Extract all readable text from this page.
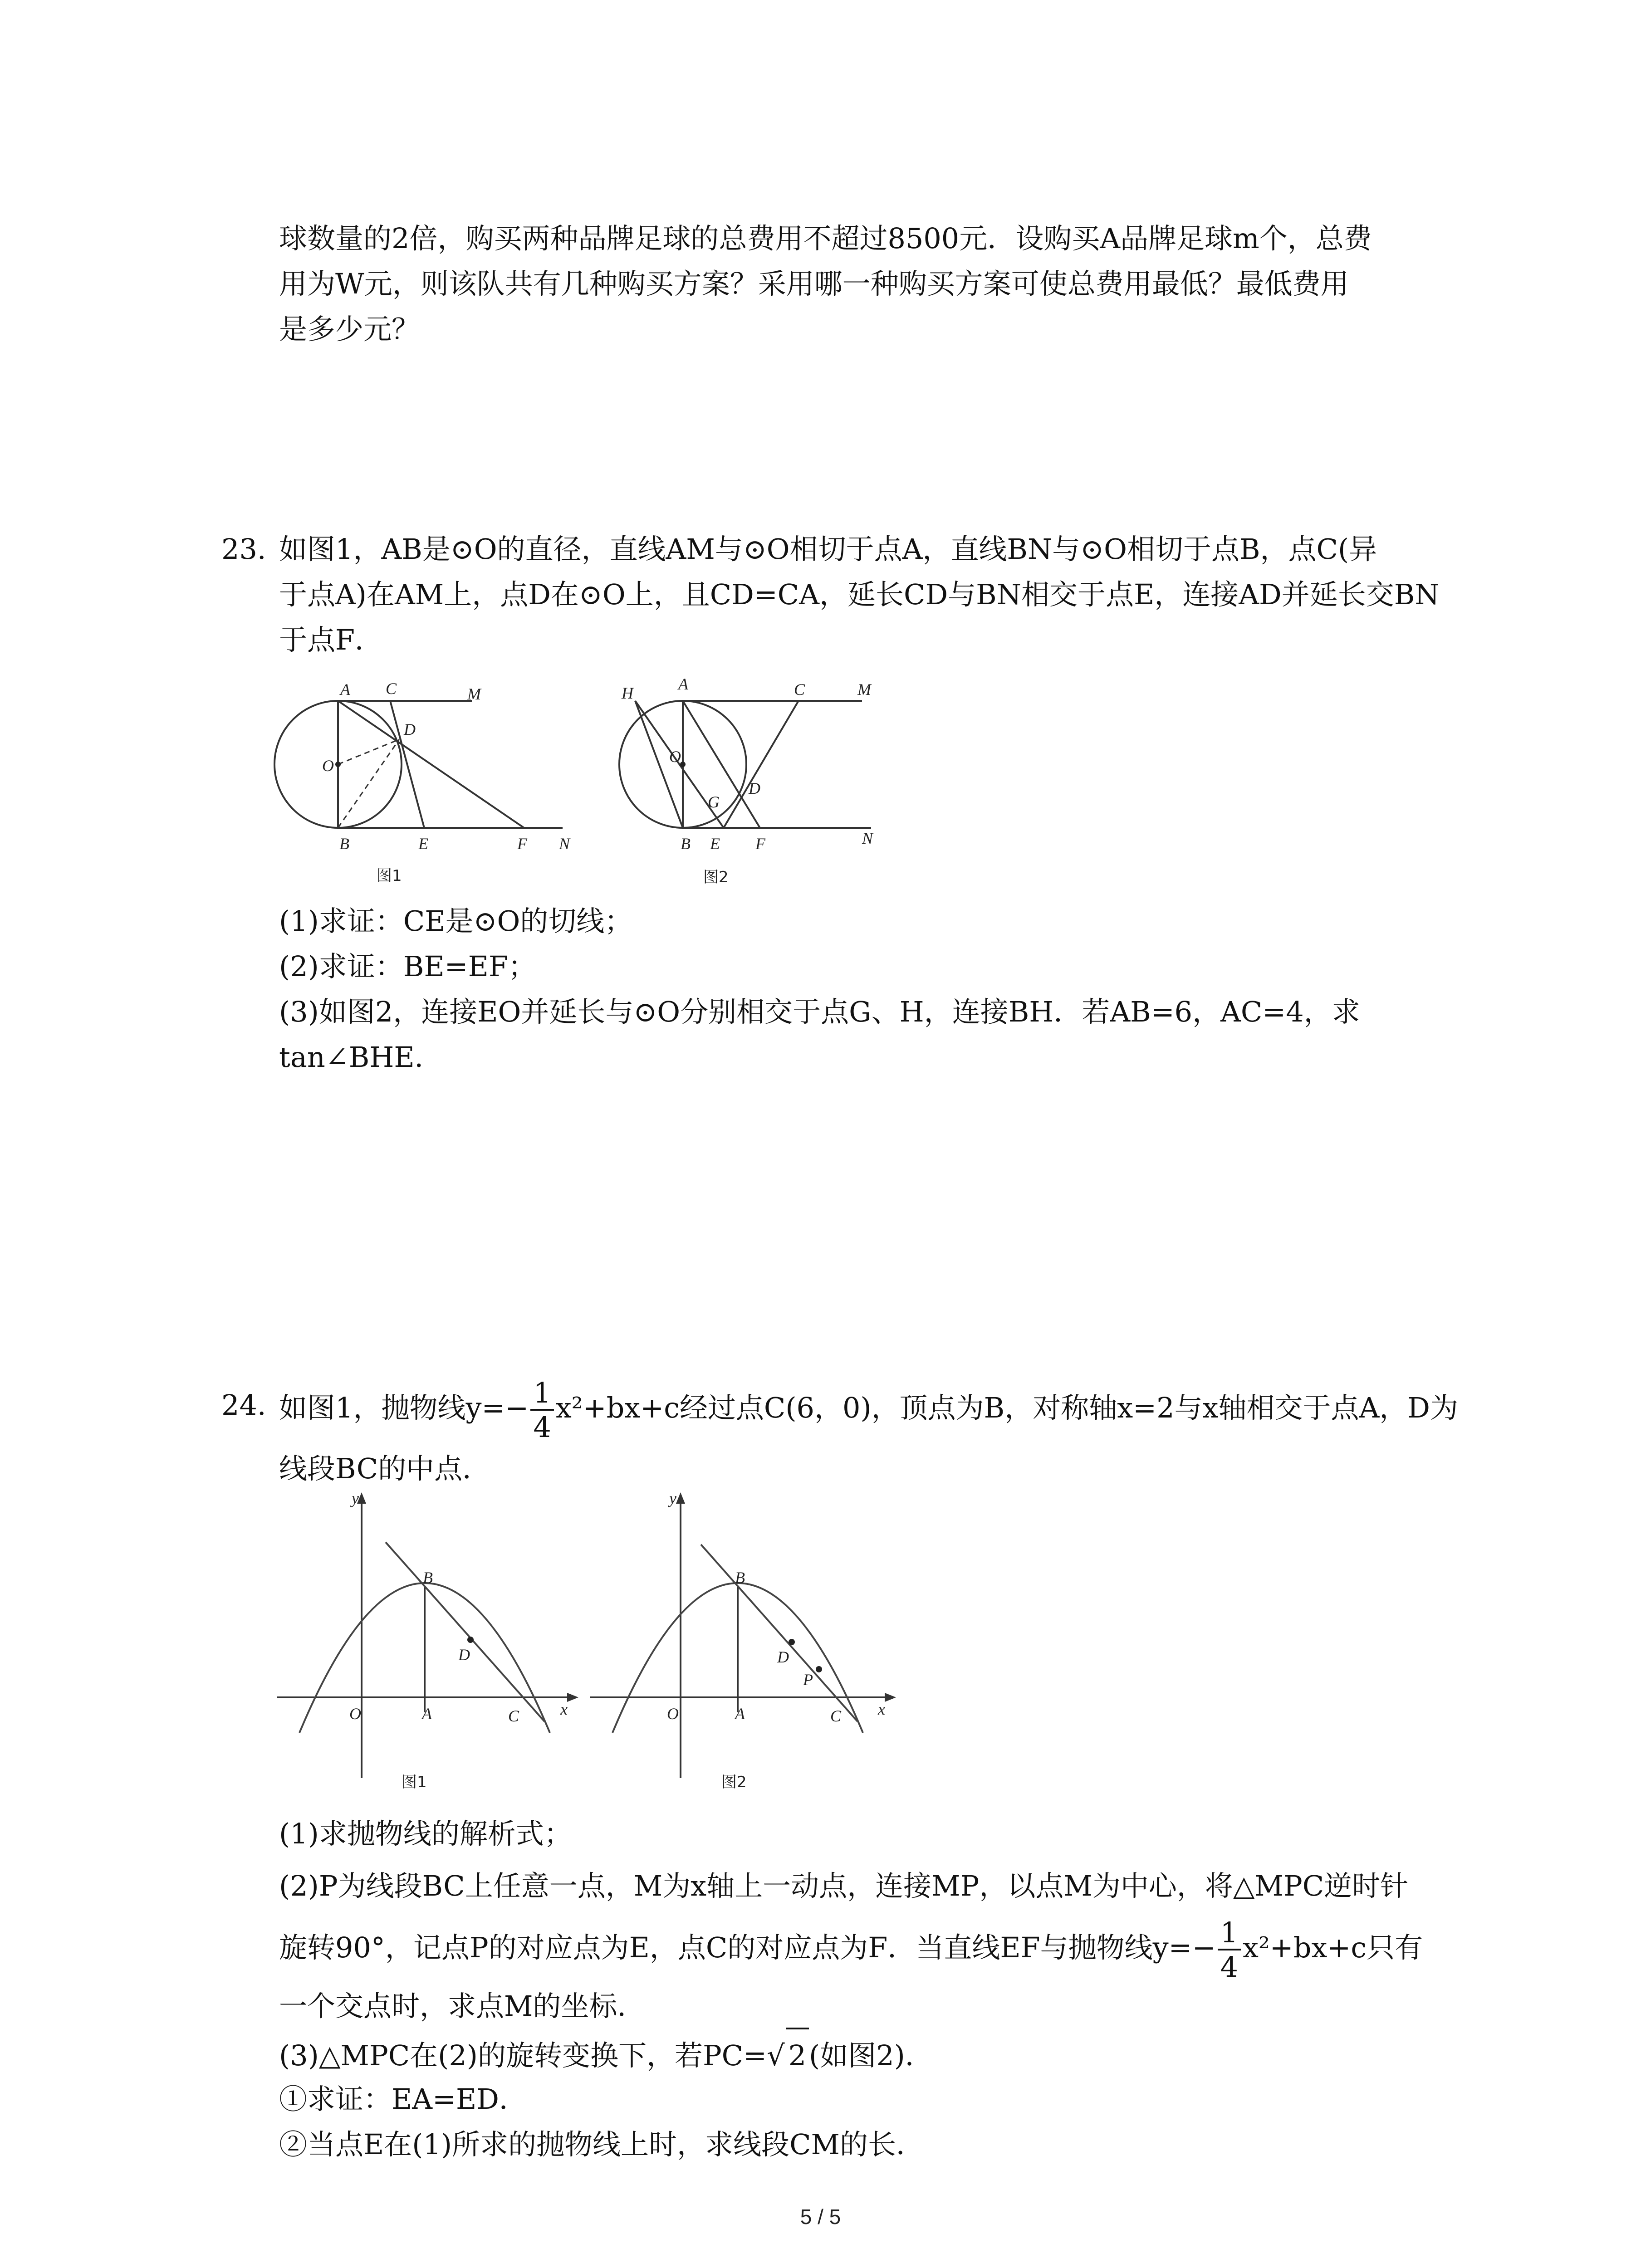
球数量的2倍，购买两种品牌足球的总费用不超过8500元．设购买A品牌足球m个，总费

用为W元，则该队共有几种购买方案？采用哪一种购买方案可使总费用最低？最低费用

是多少元？

23. 如图1，AB是⊙O的直径，直线AM与⊙O相切于点A，直线BN与⊙O相切于点B，点C(异

于点A)在AM上，点D在⊙O上，且CD=CA，延长CD与BN相交于点E，连接AD并延长交BN

于点F．

A C	M
D
O
B	E	F N
图1
H	A	C	M
O
D
G
B E F	N
图2

(1)求证：CE是⊙O的切线；

(2)求证：BE=EF；

(3)如图2，连接EO并延长与⊙O分别相交于点G、H，连接BH．若AB=6，AC=4，求

tan∠BHE．

24. 如图1，抛物线$y=- \frac{1}{4} x^2+bx+c$经过点C(6，0)，顶点为B，对称轴x=2与x轴相交于点A，D为

线段BC的中点．

y
B
D
O	A	C	x
图1
y
B
D
P
O	A	C x
图2

(1)求抛物线的解析式；

(2)P为线段BC上任意一点，M为x轴上一动点，连接MP，以点M为中心，将△MPC逆时针

旋转90°，记点P的对应点为E，点C的对应点为F．当直线EF与抛物线$y=- \frac{1}{4} x^2+bx+c$只有

一个交点时，求点M的坐标．

(3)△MPC在(2)的旋转变换下，若PC=√ 2(如图2)．

①求证：EA=ED．

②当点E在(1)所求的抛物线上时，求线段CM的长．

5 / 5
